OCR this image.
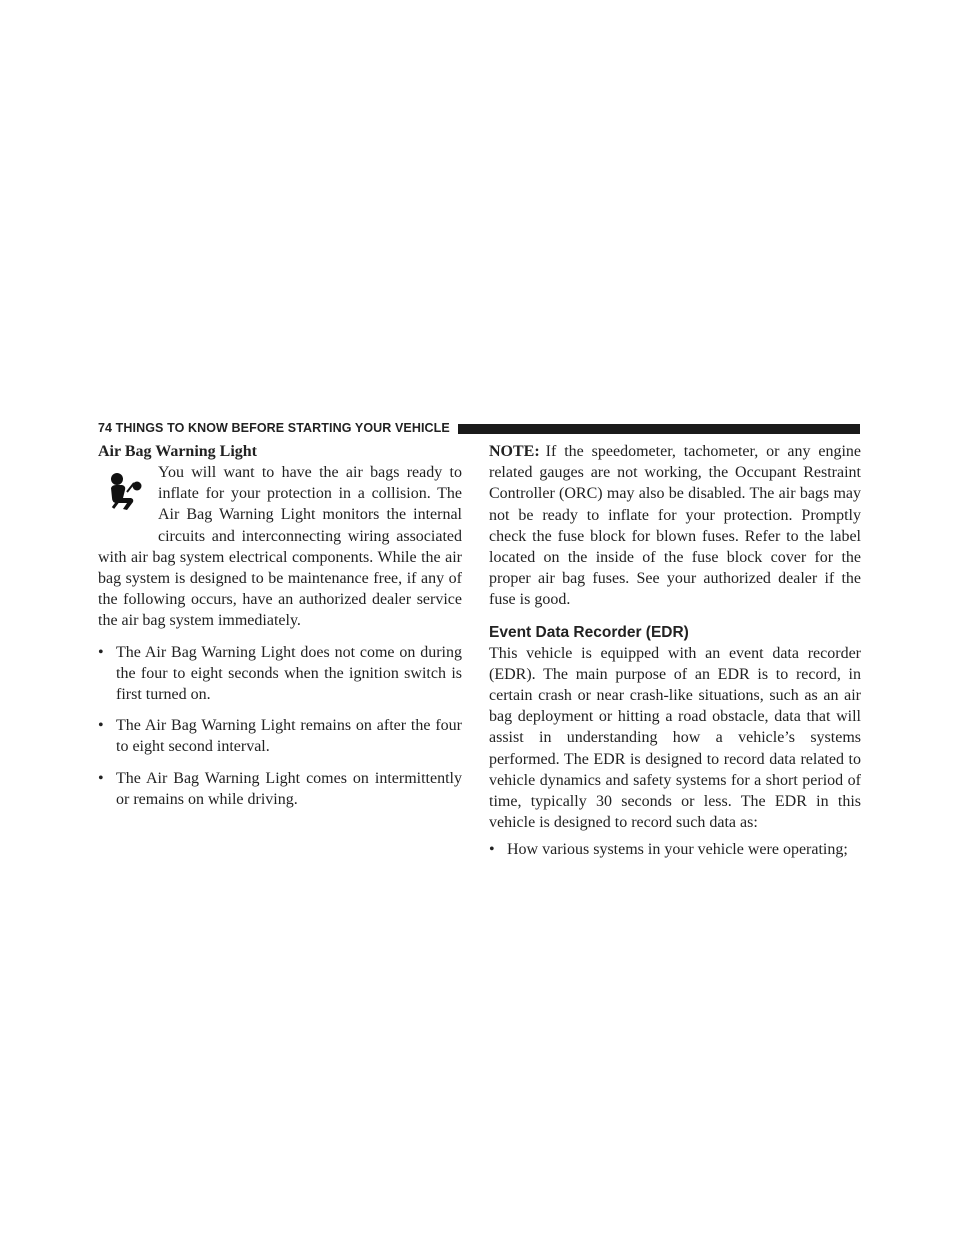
74 THINGS TO KNOW BEFORE STARTING YOUR VEHICLE

Air Bag Warning Light

You will want to have the air bags ready to inflate for your protection in a collision. The Air Bag Warning Light monitors the internal circuits and interconnecting wiring associated with air bag system electrical components. While the air bag system is designed to be maintenance free, if any of the following occurs, have an authorized dealer service the air bag system immediately.

• The Air Bag Warning Light does not come on during the four to eight seconds when the ignition switch is first turned on.
• The Air Bag Warning Light remains on after the four to eight second interval.
• The Air Bag Warning Light comes on intermittently or remains on while driving.

NOTE: If the speedometer, tachometer, or any engine related gauges are not working, the Occupant Restraint Controller (ORC) may also be disabled. The air bags may not be ready to inflate for your protection. Promptly check the fuse block for blown fuses. Refer to the label located on the inside of the fuse block cover for the proper air bag fuses. See your authorized dealer if the fuse is good.

Event Data Recorder (EDR)

This vehicle is equipped with an event data recorder (EDR). The main purpose of an EDR is to record, in certain crash or near crash-like situations, such as an air bag deployment or hitting a road obstacle, data that will assist in understanding how a vehicle’s systems performed. The EDR is designed to record data related to vehicle dynamics and safety systems for a short period of time, typically 30 seconds or less. The EDR in this vehicle is designed to record such data as:

• How various systems in your vehicle were operating;
